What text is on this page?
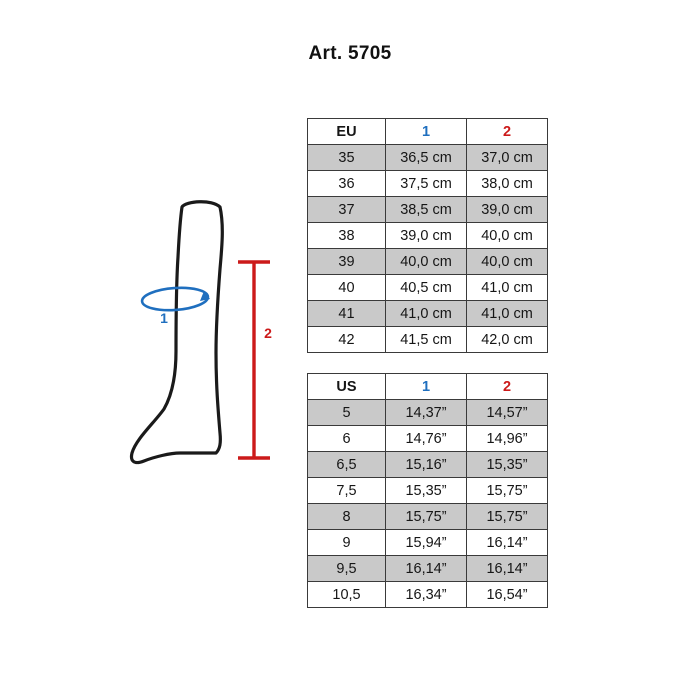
Art. 5705
1
2
EU	1	2
35	36,5 cm	37,0 cm
36	37,5 cm	38,0 cm
37	38,5 cm	39,0 cm
38	39,0 cm	40,0 cm
39	40,0 cm	40,0 cm
40	40,5 cm	41,0 cm
41	41,0 cm	41,0 cm
42	41,5 cm	42,0 cm
US	1	2
5	14,37”	14,57”
6	14,76”	14,96”
6,5	15,16”	15,35”
7,5	15,35”	15,75”
8	15,75”	15,75”
9	15,94”	16,14”
9,5	16,14”	16,14”
10,5	16,34”	16,54”
